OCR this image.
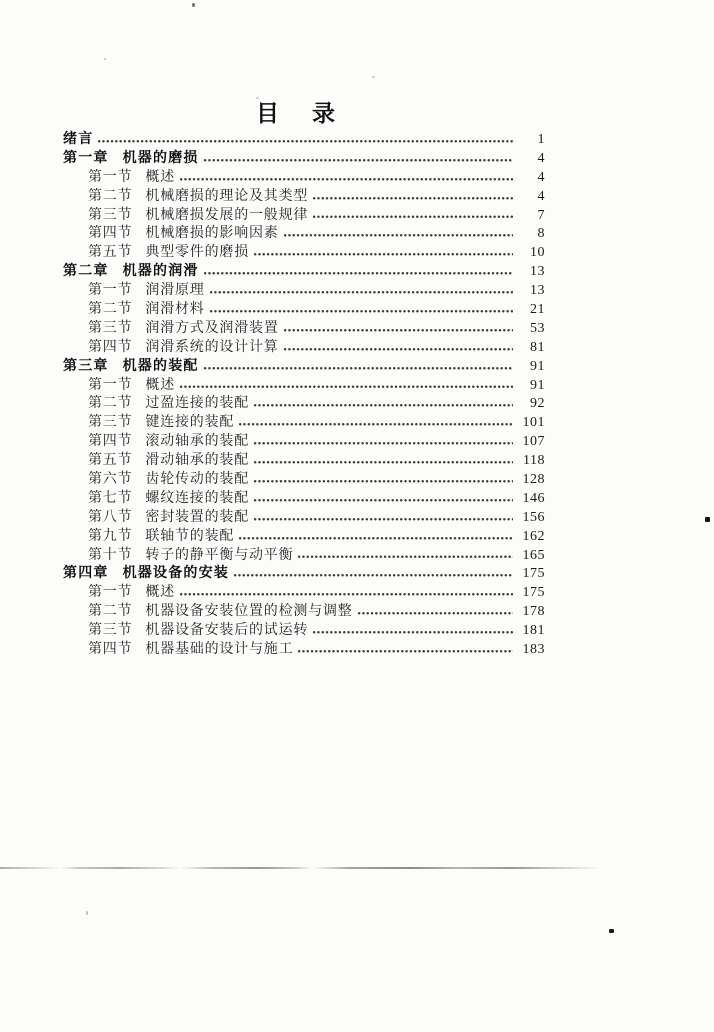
目　录
绪言	1
第一章 机器的磨损	4
第一节 概述	4
第二节 机械磨损的理论及其类型	4
第三节 机械磨损发展的一般规律	7
第四节 机械磨损的影响因素	8
第五节 典型零件的磨损	10
第二章 机器的润滑	13
第一节 润滑原理	13
第二节 润滑材料	21
第三节 润滑方式及润滑装置	53
第四节 润滑系统的设计计算	81
第三章 机器的装配	91
第一节 概述	91
第二节 过盈连接的装配	92
第三节 键连接的装配	101
第四节 滚动轴承的装配	107
第五节 滑动轴承的装配	118
第六节 齿轮传动的装配	128
第七节 螺纹连接的装配	146
第八节 密封装置的装配	156
第九节 联轴节的装配	162
第十节 转子的静平衡与动平衡	165
第四章 机器设备的安装	175
第一节 概述	175
第二节 机器设备安装位置的检测与调整	178
第三节 机器设备安装后的试运转	181
第四节 机器基础的设计与施工	183
